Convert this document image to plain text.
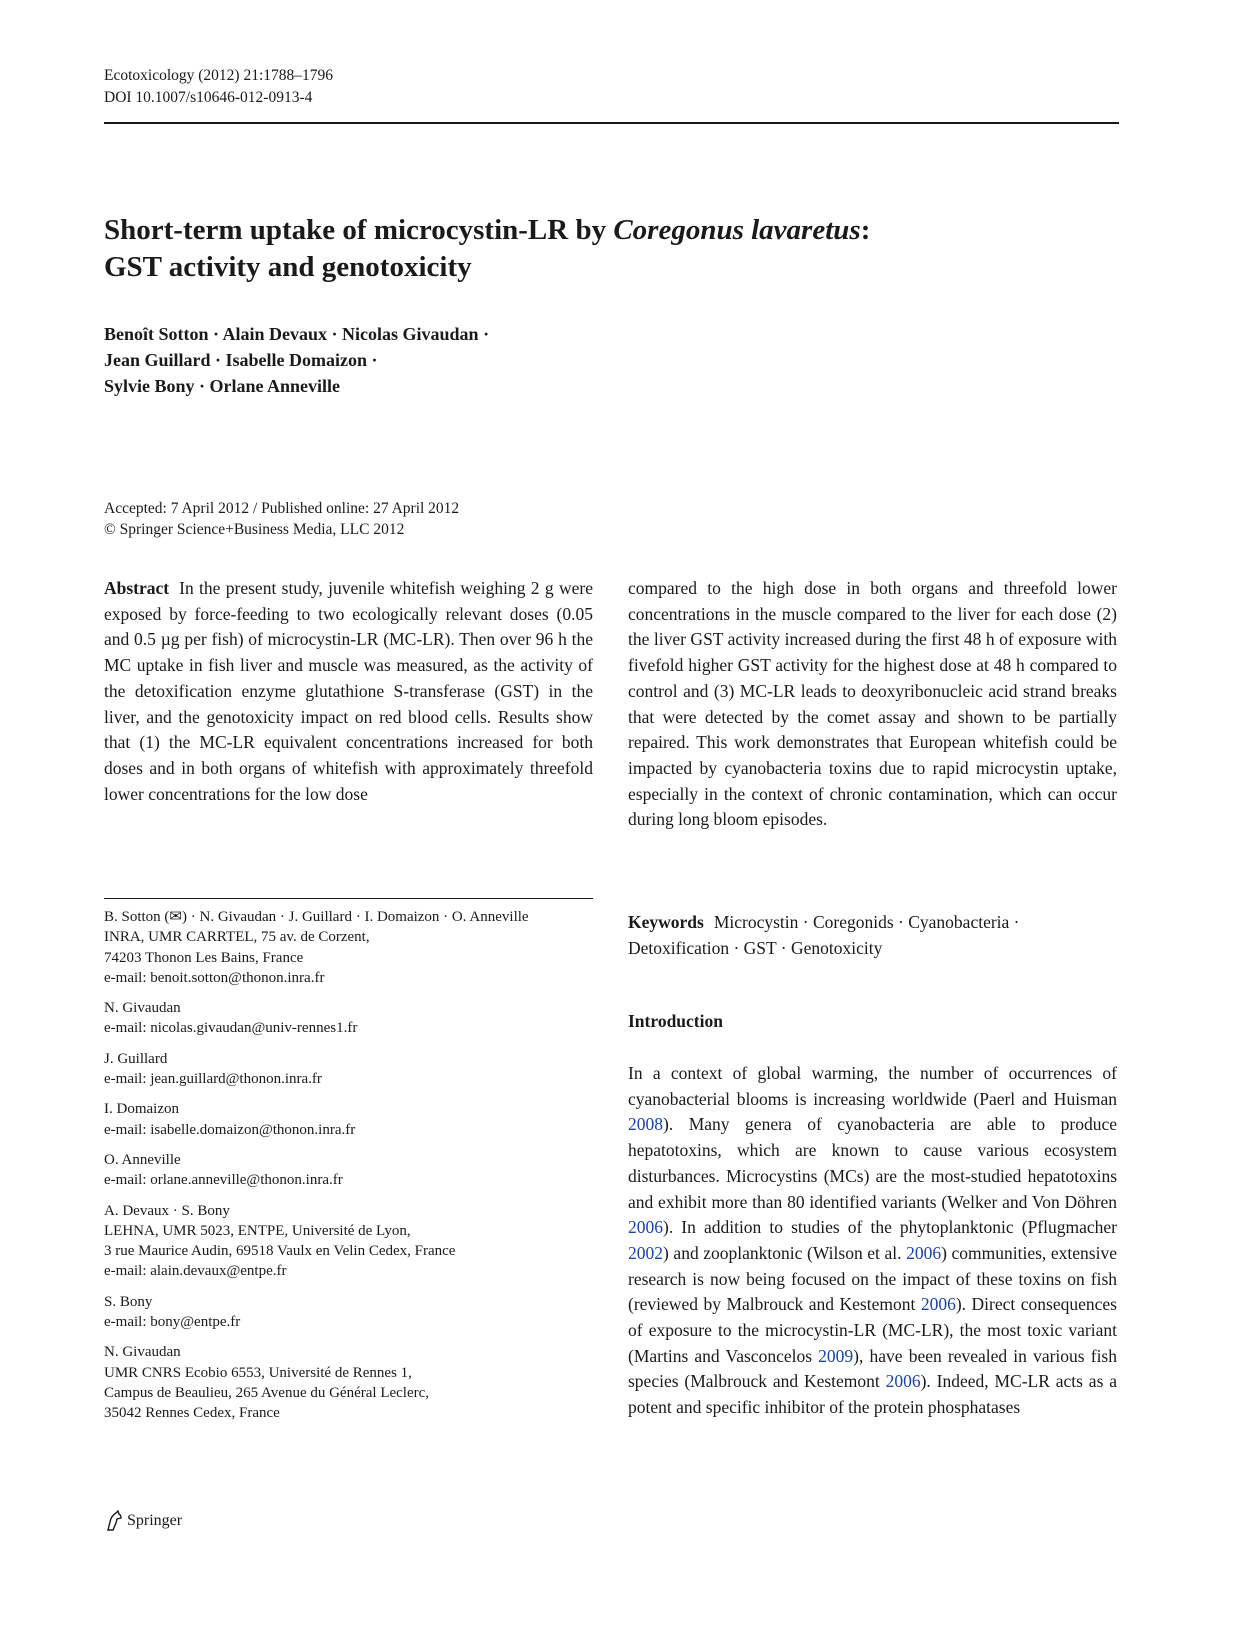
Ecotoxicology (2012) 21:1788–1796
DOI 10.1007/s10646-012-0913-4
Short-term uptake of microcystin-LR by Coregonus lavaretus:
GST activity and genotoxicity
Benoît Sotton · Alain Devaux · Nicolas Givaudan ·
Jean Guillard · Isabelle Domaizon ·
Sylvie Bony · Orlane Anneville
Accepted: 7 April 2012 / Published online: 27 April 2012
© Springer Science+Business Media, LLC 2012
Abstract In the present study, juvenile whitefish weighing 2 g were exposed by force-feeding to two ecologically relevant doses (0.05 and 0.5 µg per fish) of microcystin-LR (MC-LR). Then over 96 h the MC uptake in fish liver and muscle was measured, as the activity of the detoxification enzyme glutathione S-transferase (GST) in the liver, and the genotoxicity impact on red blood cells. Results show that (1) the MC-LR equivalent concentrations increased for both doses and in both organs of whitefish with approximately threefold lower concentrations for the low dose
compared to the high dose in both organs and threefold lower concentrations in the muscle compared to the liver for each dose (2) the liver GST activity increased during the first 48 h of exposure with fivefold higher GST activity for the highest dose at 48 h compared to control and (3) MC-LR leads to deoxyribonucleic acid strand breaks that were detected by the comet assay and shown to be partially repaired. This work demonstrates that European whitefish could be impacted by cyanobacteria toxins due to rapid microcystin uptake, especially in the context of chronic contamination, which can occur during long bloom episodes.
B. Sotton (✉) · N. Givaudan · J. Guillard · I. Domaizon · O. Anneville
INRA, UMR CARRTEL, 75 av. de Corzent,
74203 Thonon Les Bains, France
e-mail: benoit.sotton@thonon.inra.fr
N. Givaudan
e-mail: nicolas.givaudan@univ-rennes1.fr
J. Guillard
e-mail: jean.guillard@thonon.inra.fr
I. Domaizon
e-mail: isabelle.domaizon@thonon.inra.fr
O. Anneville
e-mail: orlane.anneville@thonon.inra.fr
A. Devaux · S. Bony
LEHNA, UMR 5023, ENTPE, Université de Lyon,
3 rue Maurice Audin, 69518 Vaulx en Velin Cedex, France
e-mail: alain.devaux@entpe.fr
S. Bony
e-mail: bony@entpe.fr
N. Givaudan
UMR CNRS Ecobio 6553, Université de Rennes 1,
Campus de Beaulieu, 265 Avenue du Général Leclerc,
35042 Rennes Cedex, France
Keywords Microcystin · Coregonids · Cyanobacteria · Detoxification · GST · Genotoxicity
Introduction
In a context of global warming, the number of occurrences of cyanobacterial blooms is increasing worldwide (Paerl and Huisman 2008). Many genera of cyanobacteria are able to produce hepatotoxins, which are known to cause various ecosystem disturbances. Microcystins (MCs) are the most-studied hepatotoxins and exhibit more than 80 identified variants (Welker and Von Döhren 2006). In addition to studies of the phytoplanktonic (Pflugmacher 2002) and zooplanktonic (Wilson et al. 2006) communities, extensive research is now being focused on the impact of these toxins on fish (reviewed by Malbrouck and Kestemont 2006). Direct consequences of exposure to the microcystin-LR (MC-LR), the most toxic variant (Martins and Vasconcelos 2009), have been revealed in various fish species (Malbrouck and Kestemont 2006). Indeed, MC-LR acts as a potent and specific inhibitor of the protein phosphatases
Springer
